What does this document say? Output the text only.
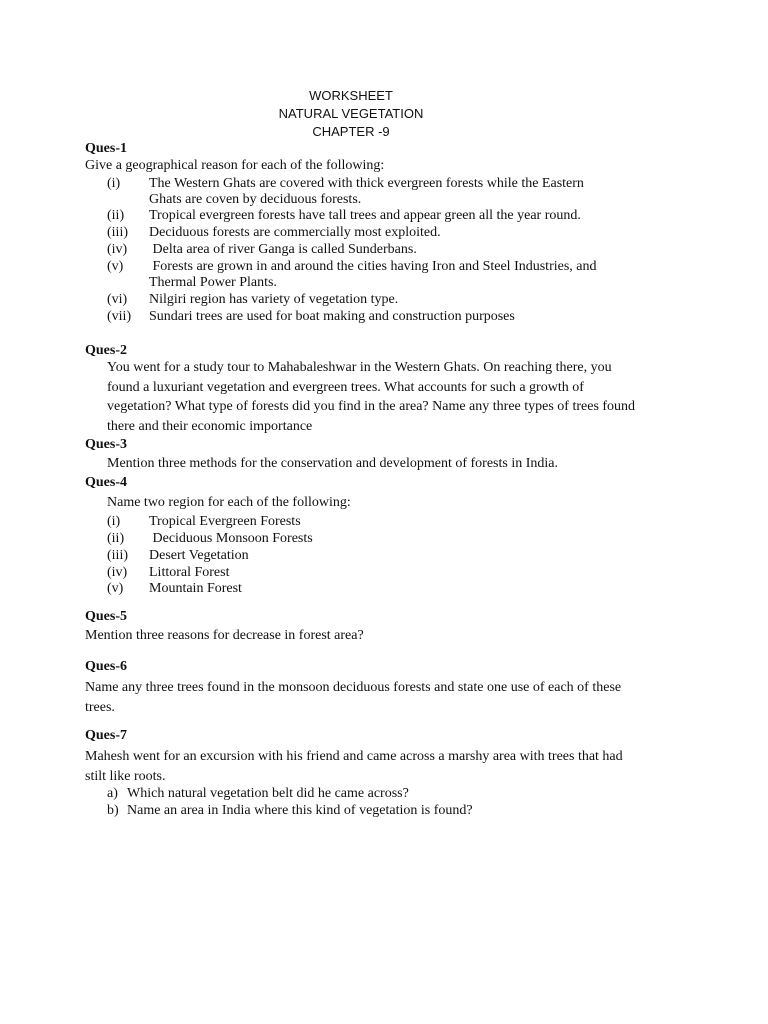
WORKSHEET
NATURAL VEGETATION
CHAPTER -9
Ques-1
Give a geographical reason for each of the following:
(i) The Western Ghats are covered with thick evergreen forests while the Eastern
Ghats are coven by deciduous forests.
(ii) Tropical evergreen forests have tall trees and appear green all the year round.
(iii) Deciduous forests are commercially most exploited.
(iv) Delta area of river Ganga is called Sunderbans.
(v) Forests are grown in and around the cities having Iron and Steel Industries, and
Thermal Power Plants.
(vi) Nilgiri region has variety of vegetation type.
(vii) Sundari trees are used for boat making and construction purposes
Ques-2
You went for a study tour to Mahabaleshwar in the Western Ghats. On reaching there, you found a luxuriant vegetation and evergreen trees. What accounts for such a growth of vegetation? What type of forests did you find in the area? Name any three types of trees found there and their economic importance
Ques-3
Mention three methods for the conservation and development of forests in India.
Ques-4
Name two region for each of the following:
(i) Tropical Evergreen Forests
(ii) Deciduous Monsoon Forests
(iii) Desert Vegetation
(iv) Littoral Forest
(v) Mountain Forest
Ques-5
Mention three reasons for decrease in forest area?
Ques-6
Name any three trees found in the monsoon deciduous forests and state one use of each of these trees.
Ques-7
Mahesh went for an excursion with his friend and came across a marshy area with trees that had stilt like roots.
a) Which natural vegetation belt did he came across?
b) Name an area in India where this kind of vegetation is found?
